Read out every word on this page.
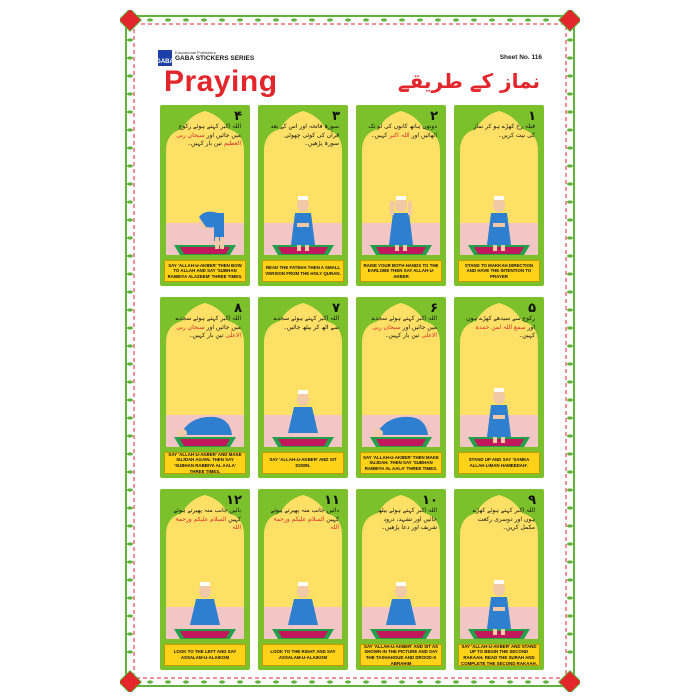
GABA
Educational Publishers
GABA STICKERS SERIES	Sheet No. 116
Praying	نماز کے طریقے
۴
اللہ اکبر کہتے ہوئے رکوع میں جائیں اور سبحان ربی العظیم تین بار کہیں۔
SAY 'ALLAH-U-AKBER' THEN BOW TO ALLAH AND SAY 'SUBHAN RABBIYA ALAZEEM' THREE TIMES.
۳
سورۃ فاتحہ اور اس کے بعد قرآن کی کوئی چھوٹی سورۃ پڑھیں۔
READ THE FATEHA THEN A SMALL VERSION FROM THE HOLY QURAN.
۲
دونوں ہاتھ کانوں کی لو تک اٹھائیں اور اللہ اکبر کہیں۔
RAISE YOUR BOTH HANDS TO THE EARLOBE THEN SAY ALLAH-U-AKBER
۱
قبلہ رخ کھڑے ہو کر نماز کی نیت کریں۔
STAND TO MAKKAH DIRECTION AND HAVE THE INTENTION TO PRAYER
۸
اللہ اکبر کہتے ہوئے سجدے میں جائیں اور سبحان ربی الاعلٰی تین بار کہیں۔
SAY 'ALLAH-U-AKBER' AND MAKE SUJDAH AGAIN. THEN SAY 'SUBHAN RABBIYA AL AALA' THREE TIMES.
۷
اللہ اکبر کہتے ہوئے سجدے سے اٹھ کر بیٹھ جائیں۔
SAY 'ALLAH-U-AKBER' AND SIT DOWN.
۶
اللہ اکبر کہتے ہوئے سجدے میں جائیں اور سبحان ربی الاعلٰی تین بار کہیں۔
SAY 'ALLAH-U-AKBER' THEN MAKE SUJDAH. THEN SAY 'SUBHAN RABBIYA AL AALA' THREE TIMES.
۵
رکوع سے سیدھے کھڑے ہوں اور سمع اللہ لمن حمدہ کہیں۔
STAND UP AND SAY 'SAMEA ALLAH LIMAN HAMEEDAH'.
۱۲
بائیں جانب منہ پھیرتے ہوئے کہیں السلام علیکم ورحمۃ اللہ
LOOK TO THE LEFT AND SAY ASSALAM-U-ALAIKOM
۱۱
دائیں جانب منہ پھیرتے ہوئے کہیں السلام علیکم ورحمۃ اللہ
LOOK TO THE RIGHT AND SAY ASSALAM-U-ALAIKOM
۱۰
اللہ اکبر کہتے ہوئے بیٹھ جائیں اور تشہد، درود شریف اور دعا پڑھیں۔
SAY 'ALLAH-U-AKBER' AND SIT AS SHOWN IN THE PICTURE AND SAY THE TASHAHOUD AND DROOD-S ABRAHIM
۹
اللہ اکبر کہتے ہوئے کھڑے ہوں اور دوسری رکعت مکمل کریں۔
SAY 'ALLAH-U-AKBER' AND STAND UP TO BEGIN THE SECOND RAKAAH. READ THE SURAH AND COMPLETE THE SECOND RAKAAH.
